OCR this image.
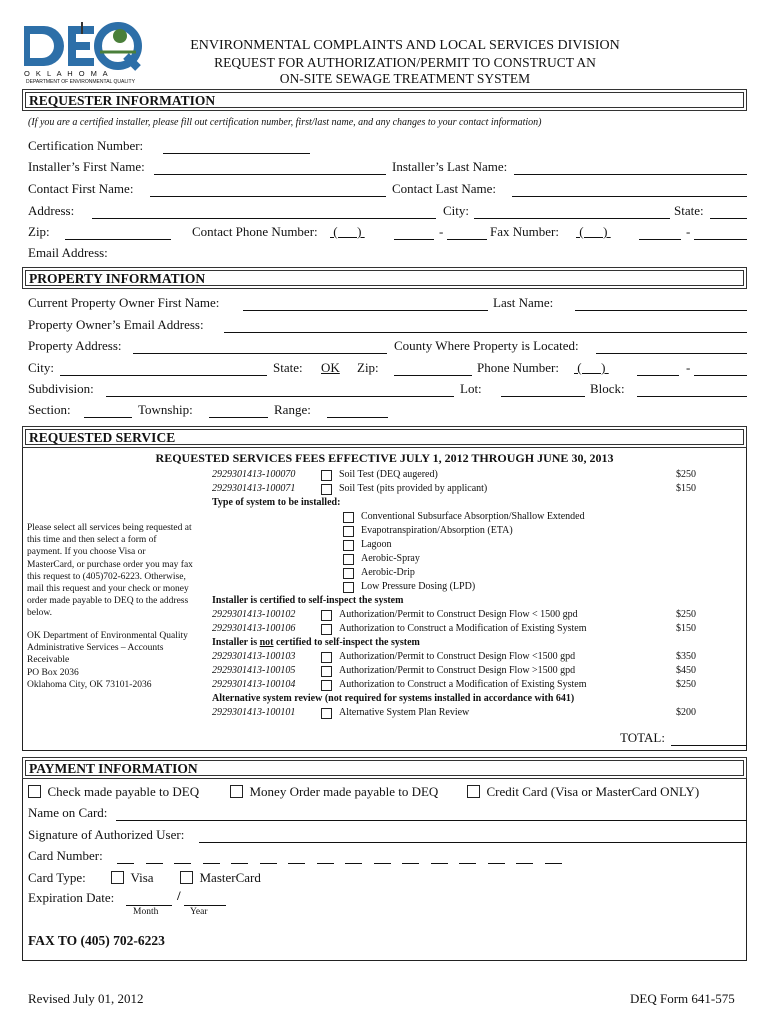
O K L A H O M A
DEPARTMENT OF ENVIRONMENTAL QUALITY
ENVIRONMENTAL COMPLAINTS AND LOCAL SERVICES DIVISION
REQUEST FOR AUTHORIZATION/PERMIT TO CONSTRUCT AN
ON-SITE SEWAGE TREATMENT SYSTEM
REQUESTER INFORMATION
(If you are a certified installer, please fill out certification number, first/last name, and any changes to your contact information)
Certification Number:
Installer’s First Name:	Installer’s Last Name:
Contact First Name:	Contact Last Name:
Address:	City:	State:
Zip:	Contact Phone Number: (      )	-	Fax Number: (      )	-
Email Address:
PROPERTY INFORMATION
Current Property Owner First Name:	Last Name:
Property Owner’s Email Address:
Property Address:	County Where Property is Located:
City:	State: OK Zip:	Phone Number: (      )	-
Subdivision:	Lot:	Block:
Section:	Township:	Range:
REQUESTED SERVICE
REQUESTED SERVICES FEES EFFECTIVE JULY 1, 2012 THROUGH JUNE 30, 2013
Please select all services being requested at
this time and then select a form of
payment. If you choose Visa or
MasterCard, or purchase order you may fax
this request to (405)702-6223. Otherwise,
mail this request and your check or money
order made payable to DEQ to the address
below.
OK Department of Environmental Quality
Administrative Services – Accounts
Receivable
PO Box 2036
Oklahoma City, OK 73101-2036
2929301413-100070	Soil Test (DEQ augered)	$250
2929301413-100071	Soil Test (pits provided by applicant)	$150
Type of system to be installed:
Conventional Subsurface Absorption/Shallow Extended
Evapotranspiration/Absorption (ETA)
Lagoon
Aerobic-Spray
Aerobic-Drip
Low Pressure Dosing (LPD)
Installer is certified to self-inspect the system
2929301413-100102	Authorization/Permit to Construct Design Flow < 1500 gpd	$250
2929301413-100106	Authorization to Construct a Modification of Existing System	$150
Installer is not certified to self-inspect the system
2929301413-100103	Authorization/Permit to Construct Design Flow <1500 gpd	$350
2929301413-100105	Authorization/Permit to Construct Design Flow >1500 gpd	$450
2929301413-100104	Authorization to Construct a Modification of Existing System	$250
Alternative system review (not required for systems installed in accordance with 641)
2929301413-100101	Alternative System Plan Review	$200
TOTAL:
PAYMENT INFORMATION
Check made payable to DEQ	Money Order made payable to DEQ	Credit Card (Visa or MasterCard ONLY)
Name on Card:
Signature of Authorized User:
Card Number:
Card Type:	Visa	MasterCard
Expiration Date:	/
Month	Year
FAX TO (405) 702-6223
Revised July 01, 2012	DEQ Form 641-575
